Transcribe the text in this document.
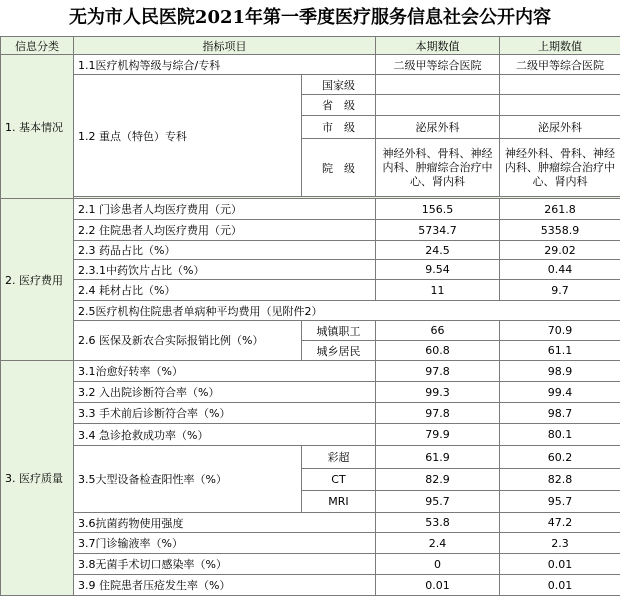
无为市人民医院2021年第一季度医疗服务信息社会公开内容
信息分类	指标项目		本期数值	上期数值
1. 基本情况	1.1医疗机构等级与综合/专科		二级甲等综合医院	二级甲等综合医院
	1.2 重点（特色）专科	国家级		
		省　级		
		市　级	泌尿外科	泌尿外科
		院　级	神经外科、骨科、神经内科、肿瘤综合治疗中心、肾内科	神经外科、骨科、神经内科、肿瘤综合治疗中心、肾内科

2. 医疗费用	2.1 门诊患者人均医疗费用（元）		156.5	261.8
	2.2 住院患者人均医疗费用（元）		5734.7	5358.9
	2.3 药品占比（%）		24.5	29.02
	2.3.1中药饮片占比（%）		9.54	0.44
	2.4 耗材占比（%）		11	9.7
	2.5医疗机构住院患者单病种平均费用（见附件2）			
	2.6 医保及新农合实际报销比例（%）	城镇职工	66	70.9
		城乡居民	60.8	61.1
3. 医疗质量	3.1治愈好转率（%）		97.8	98.9
	3.2 入出院诊断符合率（%）		99.3	99.4
	3.3 手术前后诊断符合率（%）		97.8	98.7
	3.4 急诊抢救成功率（%）		79.9	80.1
	3.5大型设备检查阳性率（%）	彩超	61.9	60.2
		CT	82.9	82.8
		MRI	95.7	95.7
	3.6抗菌药物使用强度		53.8	47.2
	3.7门诊输液率（%）		2.4	2.3
	3.8无菌手术切口感染率（%）		0	0.01
	3.9 住院患者压疮发生率（%）		0.01	0.01
